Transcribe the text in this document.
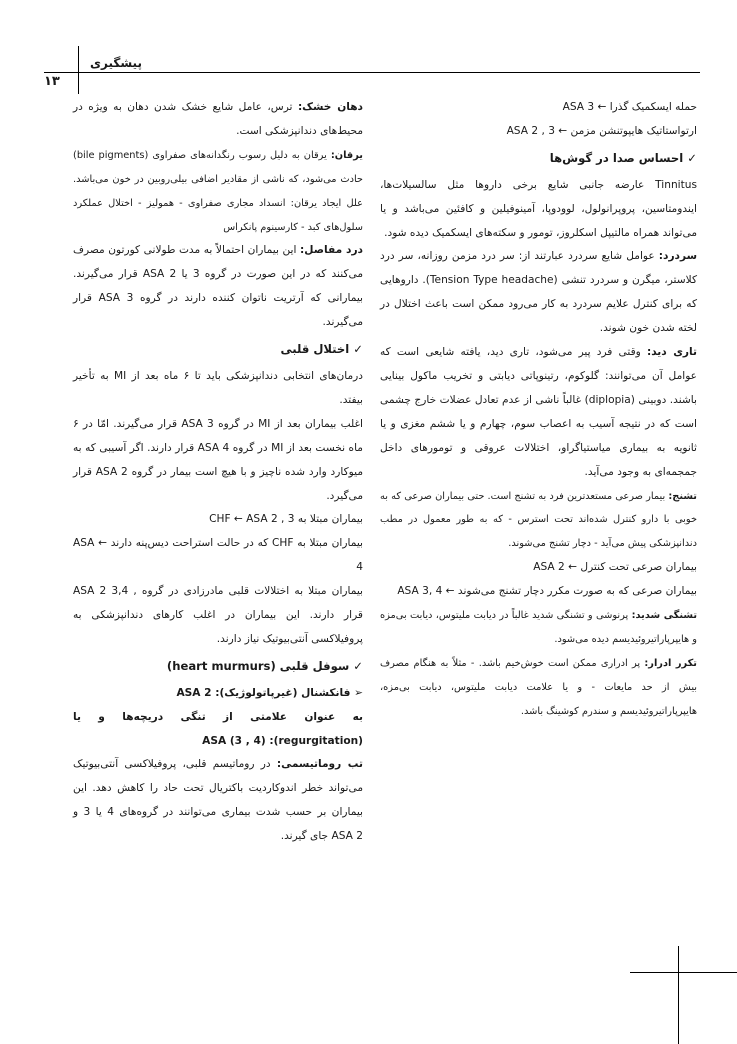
پیشگیری
۱۳

حمله ایسکمیک گذرا ← ASA 3

ارتواستاتیک هایپوتنشن مزمن ← ASA 2 , 3

✓ احساس صدا در گوش‌ها

Tinnitus عارضه جانبی شایع برخی داروها مثل سالسیلات‌ها، ایندومتاسین، پروپرانولول، لوودوپا، آمینوفیلین و کافئین می‌باشد و یا می‌تواند همراه مالتیپل اسکلروز، تومور و سکته‌های ایسکمیک دیده شود.

سردرد: عوامل شایع سردرد عبارتند از: سر درد مزمن روزانه، سر درد کلاستر، میگرن و سردرد تنشی (Tension Type headache). داروهایی که برای کنترل علایم سردرد به کار می‌رود ممکن است باعث اختلال در لخته شدن خون شوند.

تاری دید: وقتی فرد پیر می‌شود، تاری دید، یافته شایعی است که عوامل آن می‌توانند: گلوکوم، رتینوپاتی دیابتی و تخریب ماکول بینایی باشند. دوبینی (diplopia) غالباً ناشی از عدم تعادل عضلات خارج چشمی است که در نتیجه آسیب به اعصاب سوم، چهارم و یا ششم مغزی و یا ثانویه به بیماری میاستیاگراو، اختلالات عروقی و تومورهای داخل جمجمه‌ای به وجود می‌آید.

تشنج: بیمار صرعی مستعدترین فرد به تشنج است. حتی بیماران صرعی که به خوبی با دارو کنترل شده‌اند تحت استرس - که به طور معمول در مطب دندانپزشکی پیش می‌آید - دچار تشنج می‌شوند.

بیماران صرعی تحت کنترل ← ASA 2

بیماران صرعی که به صورت مکرر دچار تشنج می‌شوند ← ASA 3, 4

تشنگی شدید: پرنوشی و تشنگی شدید غالباً در دیابت ملیتوس، دیابت بی‌مزه و هایپرپاراتیروئیدیسم دیده می‌شود.

تکرر ادرار: پر ادراری ممکن است خوش‌خیم باشد. - مثلاً به هنگام مصرف بیش از حد مایعات - و یا علامت دیابت ملیتوس، دیابت بی‌مزه، هایپرپاراتیروئیدیسم و سندرم کوشینگ باشد.

دهان خشک: ترس، عامل شایع خشک شدن دهان به ویژه در محیط‌های دندانپزشکی است.

یرقان: یرقان به دلیل رسوب رنگدانه‌های صفراوی (bile pigments) حادث می‌شود، که ناشی از مقادیر اضافی بیلی‌روبین در خون می‌باشد. علل ایجاد یرقان: انسداد مجاری صفراوی - همولیز - اختلال عملکرد سلول‌های کبد - کارسینوم پانکراس

درد مفاصل: این بیماران احتمالاً به مدت طولانی کورتون مصرف می‌کنند که در این صورت در گروه 3 یا ASA 2 قرار می‌گیرند. بیمارانی که آرتریت ناتوان کننده دارند در گروه ASA 3 قرار می‌گیرند.

✓ اختلال قلبی

درمان‌های انتخابی دندانپزشکی باید تا ۶ ماه بعد از MI به تأخیر بیفتد.

اغلب بیماران بعد از MI در گروه ASA 3 قرار می‌گیرند. امّا در ۶ ماه نخست بعد از MI در گروه ASA 4 قرار دارند. اگر آسیبی که به میوکارد وارد شده ناچیز و با هیچ است بیمار در گروه ASA 2 قرار می‌گیرد.

بیماران مبتلا به CHF ← ASA 2 , 3

بیماران مبتلا به CHF که در حالت استراحت دیس‌پنه دارند ← ASA 4

بیماران مبتلا به اختلالات قلبی مادرزادی در گروه , ASA 2 3,4 قرار دارند. این بیماران در اغلب کارهای دندانپزشکی به پروفیلاکسی آنتی‌بیوتیک نیاز دارند.

✓ سوفل قلبی (heart murmurs)

➢ فانکشنال (غیرپاتولوژیک): ASA 2

به عنوان علامتی از تنگی دریچه‌ها و یا (regurgitation): ASA (3 , 4)

تب روماتیسمی: در روماتیسم قلبی، پروفیلاکسی آنتی‌بیوتیک می‌تواند خطر اندوکاردیت باکتریال تحت حاد را کاهش دهد. این بیماران بر حسب شدت بیماری می‌توانند در گروه‌های 4 یا 3 و ASA 2 جای گیرند.
